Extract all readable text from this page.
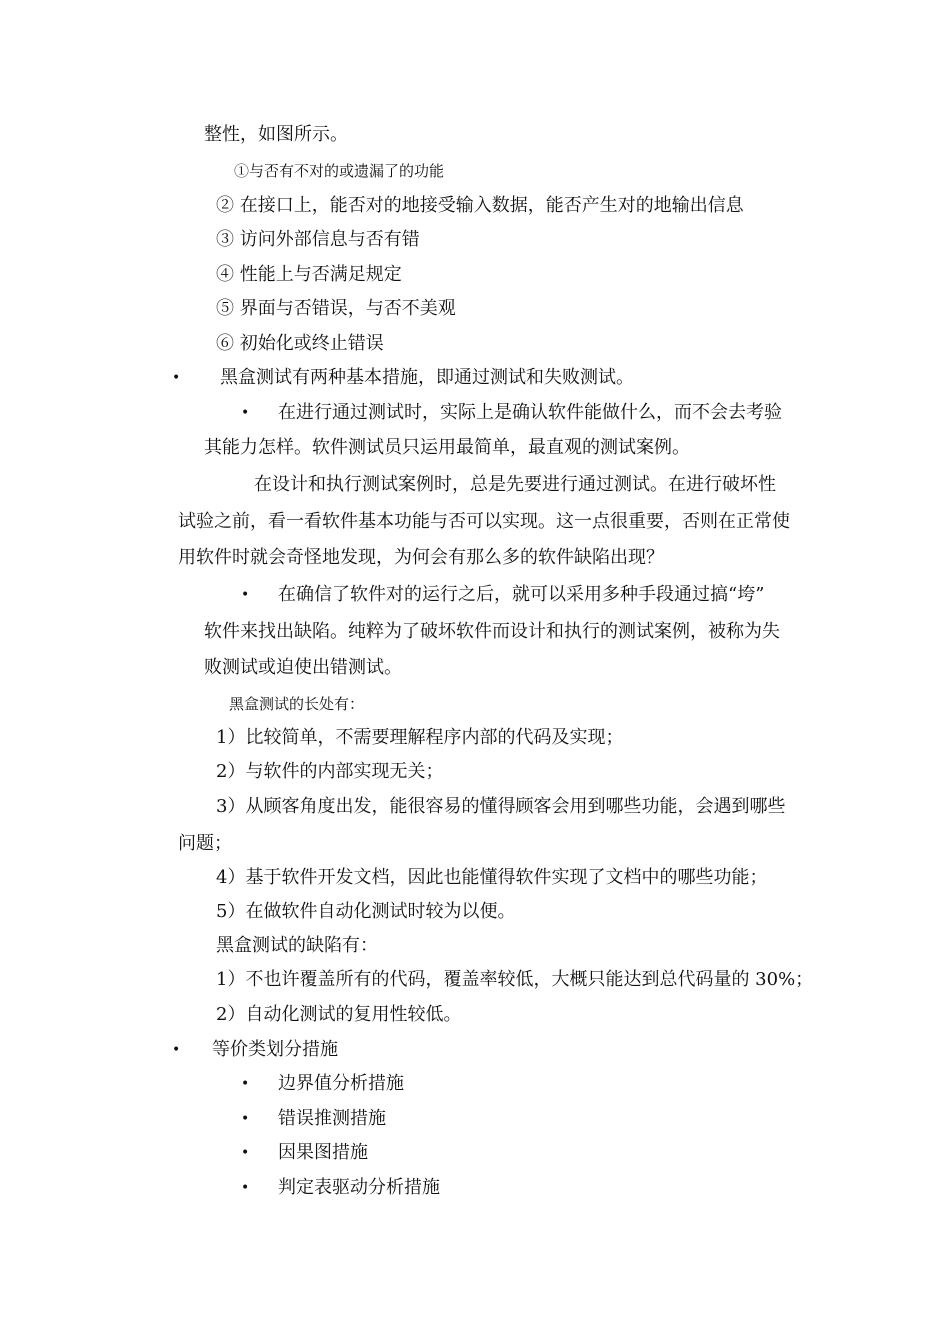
整性，如图所示。
①与否有不对的或遗漏了的功能
② 在接口上，能否对的地接受输入数据，能否产生对的地输出信息
③ 访问外部信息与否有错
④ 性能上与否满足规定
⑤ 界面与否错误，与否不美观
⑥ 初始化或终止错误
• 黑盒测试有两种基本措施，即通过测试和失败测试。
• 在进行通过测试时，实际上是确认软件能做什么，而不会去考验
其能力怎样。软件测试员只运用最简单，最直观的测试案例。
在设计和执行测试案例时，总是先要进行通过测试。在进行破坏性
试验之前，看一看软件基本功能与否可以实现。这一点很重要，否则在正常使
用软件时就会奇怪地发现，为何会有那么多的软件缺陷出现？
• 在确信了软件对的运行之后，就可以采用多种手段通过搞“垮”
软件来找出缺陷。纯粹为了破坏软件而设计和执行的测试案例，被称为失
败测试或迫使出错测试。
黑盒测试的长处有：
1）比较简单，不需要理解程序内部的代码及实现；
2）与软件的内部实现无关；
3）从顾客角度出发，能很容易的懂得顾客会用到哪些功能，会遇到哪些
问题；
4）基于软件开发文档，因此也能懂得软件实现了文档中的哪些功能；
5）在做软件自动化测试时较为以便。
黑盒测试的缺陷有：
1）不也许覆盖所有的代码，覆盖率较低，大概只能达到总代码量的 30%；
2）自动化测试的复用性较低。
• 等价类划分措施
• 边界值分析措施
• 错误推测措施
• 因果图措施
• 判定表驱动分析措施
